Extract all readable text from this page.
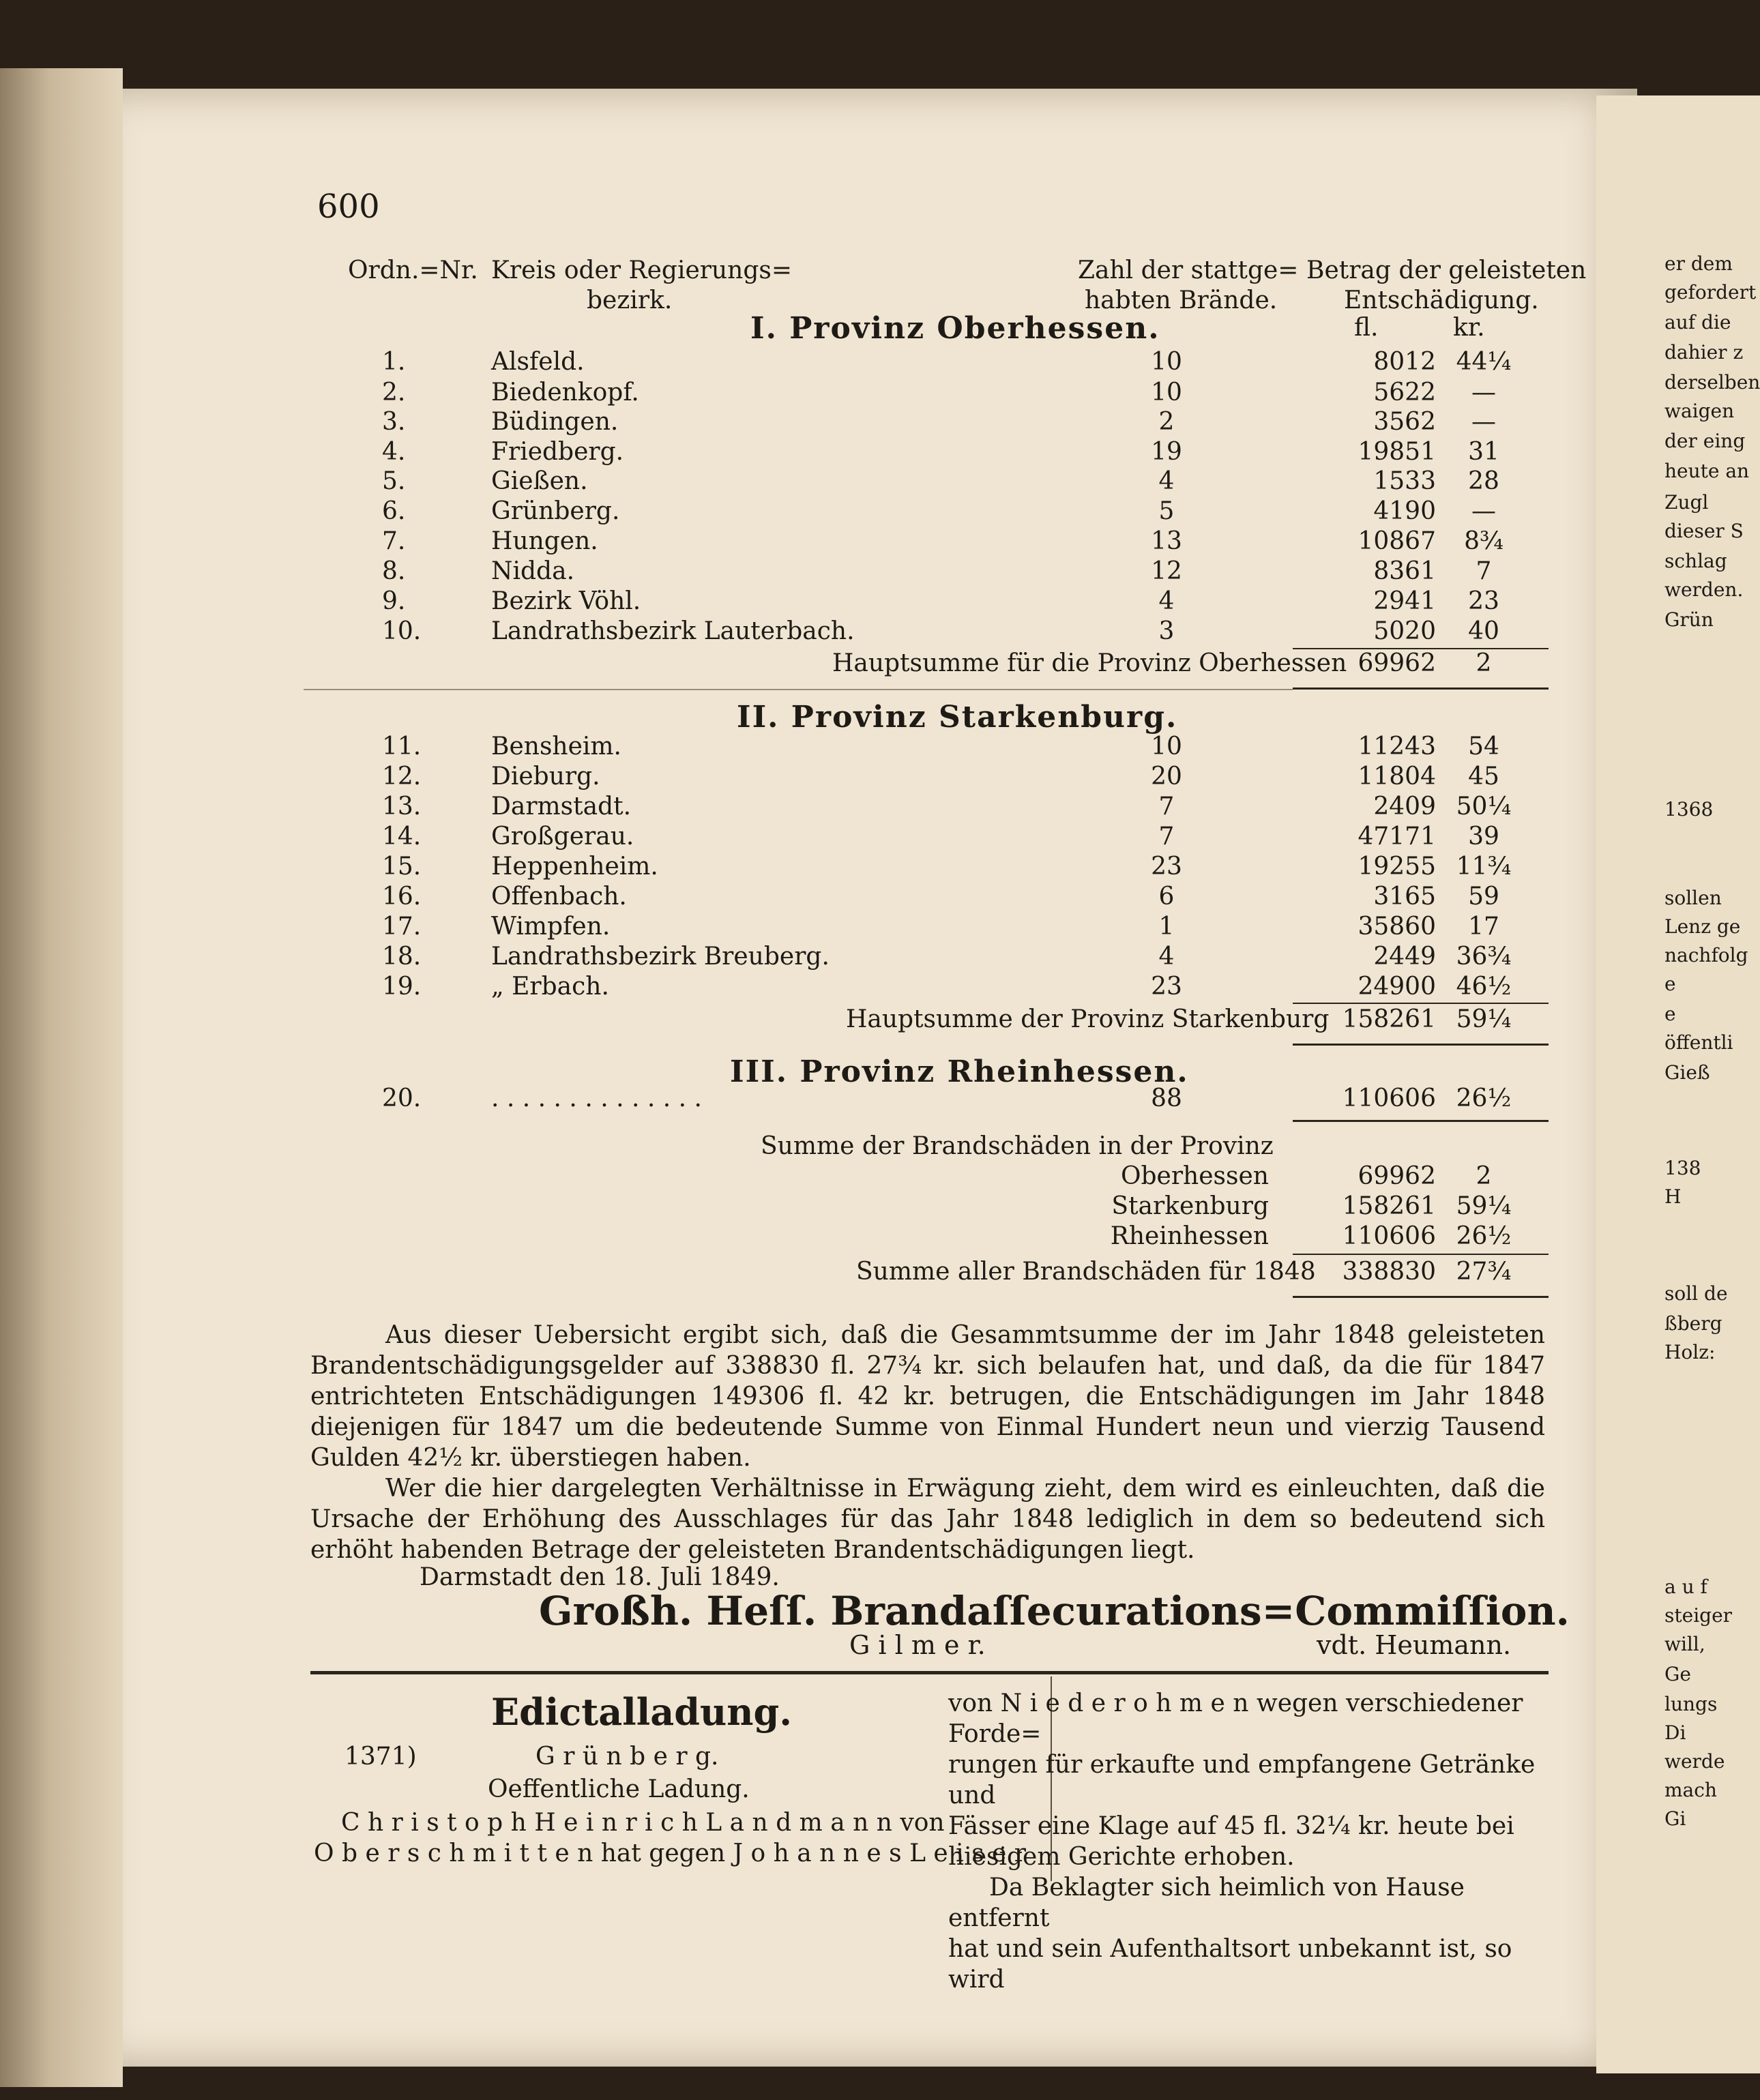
er dem
gefordert
auf die
dahier z
derselben
waigen
der eing
heute an
Zugl
dieser S
schlag
werden.
Grün
1368
sollen
Lenz ge
nachfolg
e
e
öffentli
Gieß
138
H
soll de
ßberg
Holz:
a u f
steiger
will,
Ge
lungs
Di
werde
mach
Gi
600
Ordn.=Nr. Kreis oder Regierungs=
bezirk.
Zahl der stattge=
habten Brände.
Betrag der geleisteten
Entschädigung.
fl.	kr.
I. Provinz Oberhessen.
1.	Alsfeld.	10	8012 44¼
2.	Biedenkopf.	10	5622	—
3.	Büdingen.	2	3562	—
4.	Friedberg.	19	19851	31
5.	Gießen.	4	1533	28
6.	Grünberg.	5	4190	—
7.	Hungen.	13	10867	8¾
8.	Nidda.	12	8361	7
9.	Bezirk Vöhl.	4	2941	23
10.	Landrathsbezirk Lauterbach.	3	5020	40
Hauptsumme für die Provinz Oberhessen 69962	2
II. Provinz Starkenburg.
11.	Bensheim.	10	11243	54
12.	Dieburg.	20	11804	45
13.	Darmstadt.	7	2409 50¼
14.	Großgerau.	7	47171	39
15.	Heppenheim.	23	19255 11¾
16.	Offenbach.	6	3165	59
17.	Wimpfen.	1	35860	17
18.	Landrathsbezirk Breuberg.	4	2449 36¾
19.	„ Erbach.	23	24900 46½
Hauptsumme der Provinz Starkenburg 158261 59¼
III. Provinz Rheinhessen.
20.	. . . . . . . . . . . . . .	88	110606 26½
Summe der Brandschäden in der Provinz
Oberhessen	69962	2
Starkenburg	158261 59¼
Rheinhessen	110606 26½
Summe aller Brandschäden für 1848	338830 27¾
Aus dieser Uebersicht ergibt sich, daß die Gesammtsumme der im Jahr 1848 geleisteten Brandentschädigungsgelder auf 338830 fl. 27¾ kr. sich belaufen hat, und daß, da die für 1847 entrichteten Entschädigungen 149306 fl. 42 kr. betrugen, die Entschädigungen im Jahr 1848 diejenigen für 1847 um die bedeutende Summe von Einmal Hundert neun und vierzig Tausend Gulden 42½ kr. überstiegen haben.
Wer die hier dargelegten Verhältnisse in Erwägung zieht, dem wird es einleuchten, daß die Ursache der Erhöhung des Ausschlages für das Jahr 1848 lediglich in dem so bedeutend sich erhöht habenden Betrage der geleisteten Brandentschädigungen liegt.
Darmstadt den 18. Juli 1849.
Großh. Heſſ. Brandaſſecurations=Commiſſion.
G i l m e r.	vdt. Heumann.
Edictalladung.
1371)	G r ü n b e r g.
Oeffentliche Ladung.
C h r i s t o p h H e i n r i c h L a n d m a n n von
O b e r s c h m i t t e n hat gegen J o h a n n e s L e i s e r
von N i e d e r o h m e n wegen verschiedener Forde=
rungen für erkaufte und empfangene Getränke und
Fässer eine Klage auf 45 fl. 32¼ kr. heute bei
hiesigem Gerichte erhoben.
Da Beklagter sich heimlich von Hause entfernt
hat und sein Aufenthaltsort unbekannt ist, so wird
